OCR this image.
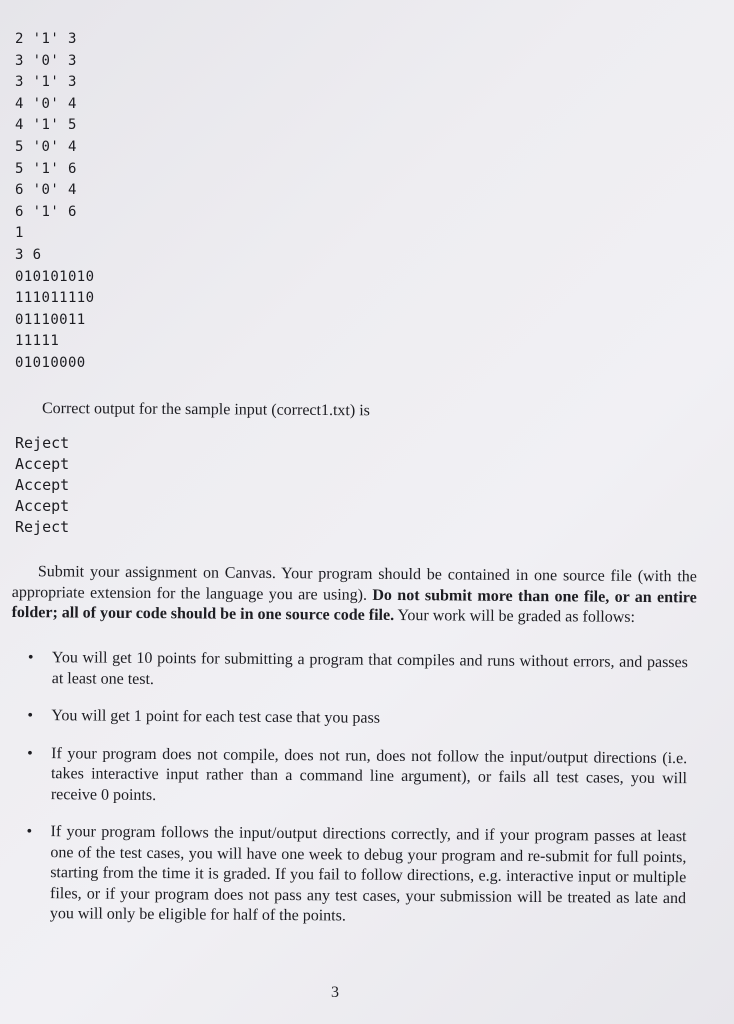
2 '1' 3
3 '0' 3
3 '1' 3
4 '0' 4
4 '1' 5
5 '0' 4
5 '1' 6
6 '0' 4
6 '1' 6
1
3 6
010101010
111011110
01110011
11111
01010000
Correct output for the sample input (correct1.txt) is
Reject
Accept
Accept
Accept
Reject

Submit your assignment on Canvas. Your program should be contained in one source file (with the appropriate extension for the language you are using). Do not submit more than one file, or an entire folder; all of your code should be in one source code file. Your work will be graded as follows:

• You will get 10 points for submitting a program that compiles and runs without errors, and passes at least one test.
• You will get 1 point for each test case that you pass
• If your program does not compile, does not run, does not follow the input/output directions (i.e. takes interactive input rather than a command line argument), or fails all test cases, you will receive 0 points.
• If your program follows the input/output directions correctly, and if your program passes at least one of the test cases, you will have one week to debug your program and re-submit for full points, starting from the time it is graded. If you fail to follow directions, e.g. interactive input or multiple files, or if your program does not pass any test cases, your submission will be treated as late and you will only be eligible for half of the points.
3
